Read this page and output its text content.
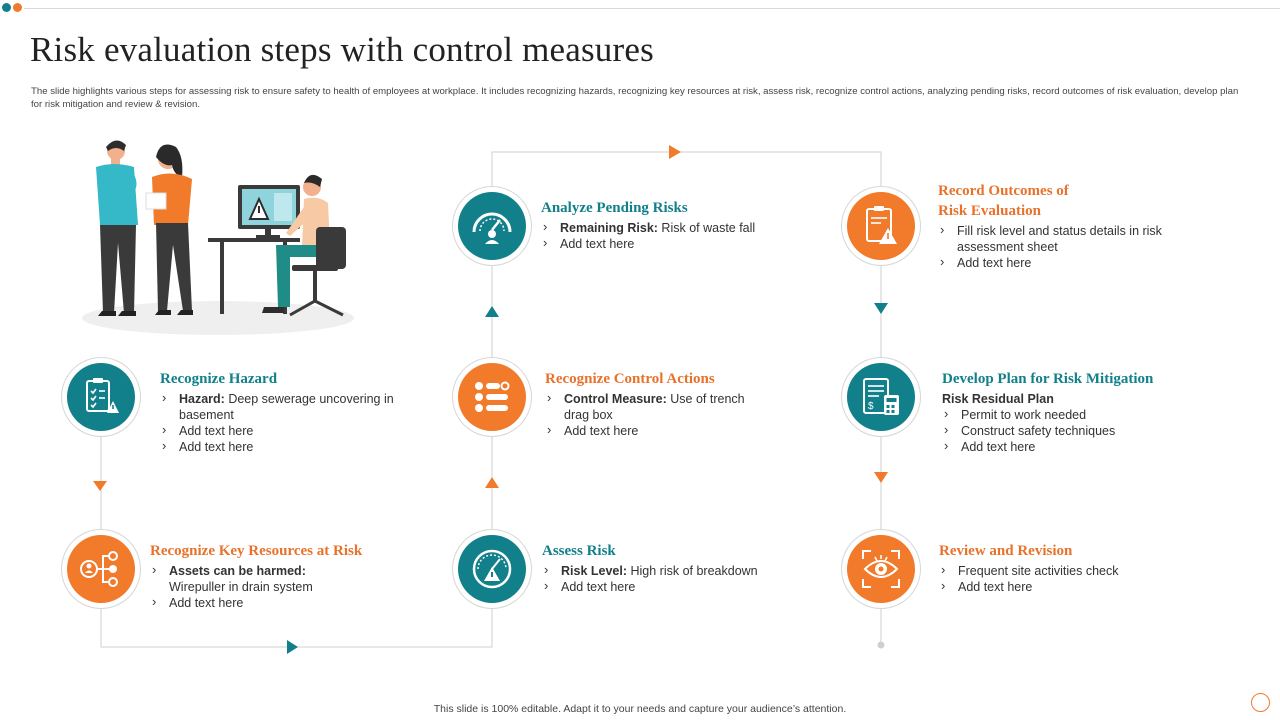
Risk evaluation steps with control measures
The slide highlights various steps for assessing risk to ensure safety to health of employees at workplace. It includes recognizing hazards, recognizing key resources at risk, assess risk, recognize control actions, analyzing pending risks, record outcomes of risk evaluation, develop plan for risk mitigation and review & revision.
$
Recognize Hazard
› Hazard: Deep sewerage uncovering in basement
› Add text here
› Add text here
Recognize Key Resources at Risk
› Assets can be harmed: Wirepuller in drain system
› Add text here
Assess Risk
› Risk Level: High risk of breakdown
› Add text here
Recognize Control Actions
› Control Measure: Use of trench drag box
› Add text here
Analyze Pending Risks
› Remaining Risk: Risk of waste fall
› Add text here
Record Outcomes of
Risk Evaluation
› Fill risk level and status details in risk assessment sheet
› Add text here
Develop Plan for Risk Mitigation
Risk Residual Plan
› Permit to work needed
› Construct safety techniques
› Add text here
Review and Revision
› Frequent site activities check
› Add text here
This slide is 100% editable. Adapt it to your needs and capture your audience’s attention.
